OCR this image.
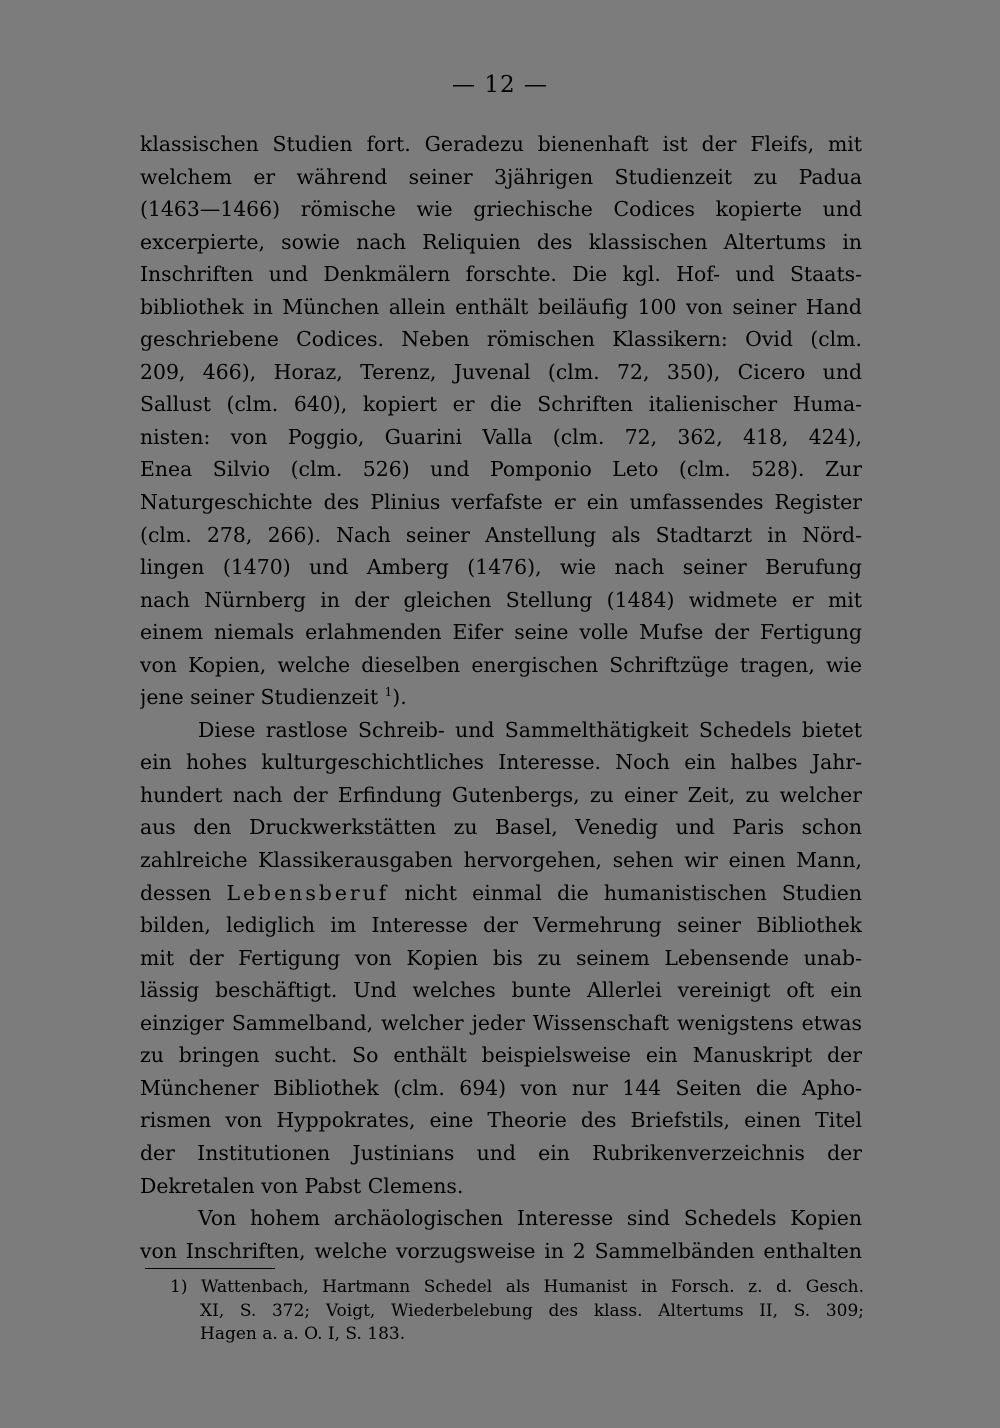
— 12 —
klassischen Studien fort. Geradezu bienenhaft ist der Fleifs, mit
welchem er während seiner 3jährigen Studienzeit zu Padua
(1463—1466) römische wie griechische Codices kopierte und
excerpierte, sowie nach Reliquien des klassischen Altertums in
Inschriften und Denkmälern forschte. Die kgl. Hof- und Staats-
bibliothek in München allein enthält beiläufig 100 von seiner Hand
geschriebene Codices. Neben römischen Klassikern: Ovid (clm.
209, 466), Horaz, Terenz, Juvenal (clm. 72, 350), Cicero und
Sallust (clm. 640), kopiert er die Schriften italienischer Huma-
nisten: von Poggio, Guarini Valla (clm. 72, 362, 418, 424),
Enea Silvio (clm. 526) und Pomponio Leto (clm. 528). Zur
Naturgeschichte des Plinius verfafste er ein umfassendes Register
(clm. 278, 266). Nach seiner Anstellung als Stadtarzt in Nörd-
lingen (1470) und Amberg (1476), wie nach seiner Berufung
nach Nürnberg in der gleichen Stellung (1484) widmete er mit
einem niemals erlahmenden Eifer seine volle Mufse der Fertigung
von Kopien, welche dieselben energischen Schriftzüge tragen, wie
jene seiner Studienzeit $^1$).
Diese rastlose Schreib- und Sammelthätigkeit Schedels bietet
ein hohes kulturgeschichtliches Interesse. Noch ein halbes Jahr-
hundert nach der Erfindung Gutenbergs, zu einer Zeit, zu welcher
aus den Druckwerkstätten zu Basel, Venedig und Paris schon
zahlreiche Klassikerausgaben hervorgehen, sehen wir einen Mann,
dessen Lebensberuf nicht einmal die humanistischen Studien
bilden, lediglich im Interesse der Vermehrung seiner Bibliothek
mit der Fertigung von Kopien bis zu seinem Lebensende unab-
lässig beschäftigt. Und welches bunte Allerlei vereinigt oft ein
einziger Sammelband, welcher jeder Wissenschaft wenigstens etwas
zu bringen sucht. So enthält beispielsweise ein Manuskript der
Münchener Bibliothek (clm. 694) von nur 144 Seiten die Apho-
rismen von Hyppokrates, eine Theorie des Briefstils, einen Titel
der Institutionen Justinians und ein Rubrikenverzeichnis der
Dekretalen von Pabst Clemens.
Von hohem archäologischen Interesse sind Schedels Kopien
von Inschriften, welche vorzugsweise in 2 Sammelbänden enthalten
1) Wattenbach, Hartmann Schedel als Humanist in Forsch. z. d. Gesch.
XI, S. 372; Voigt, Wiederbelebung des klass. Altertums II, S. 309;
Hagen a. a. O. I, S. 183.
